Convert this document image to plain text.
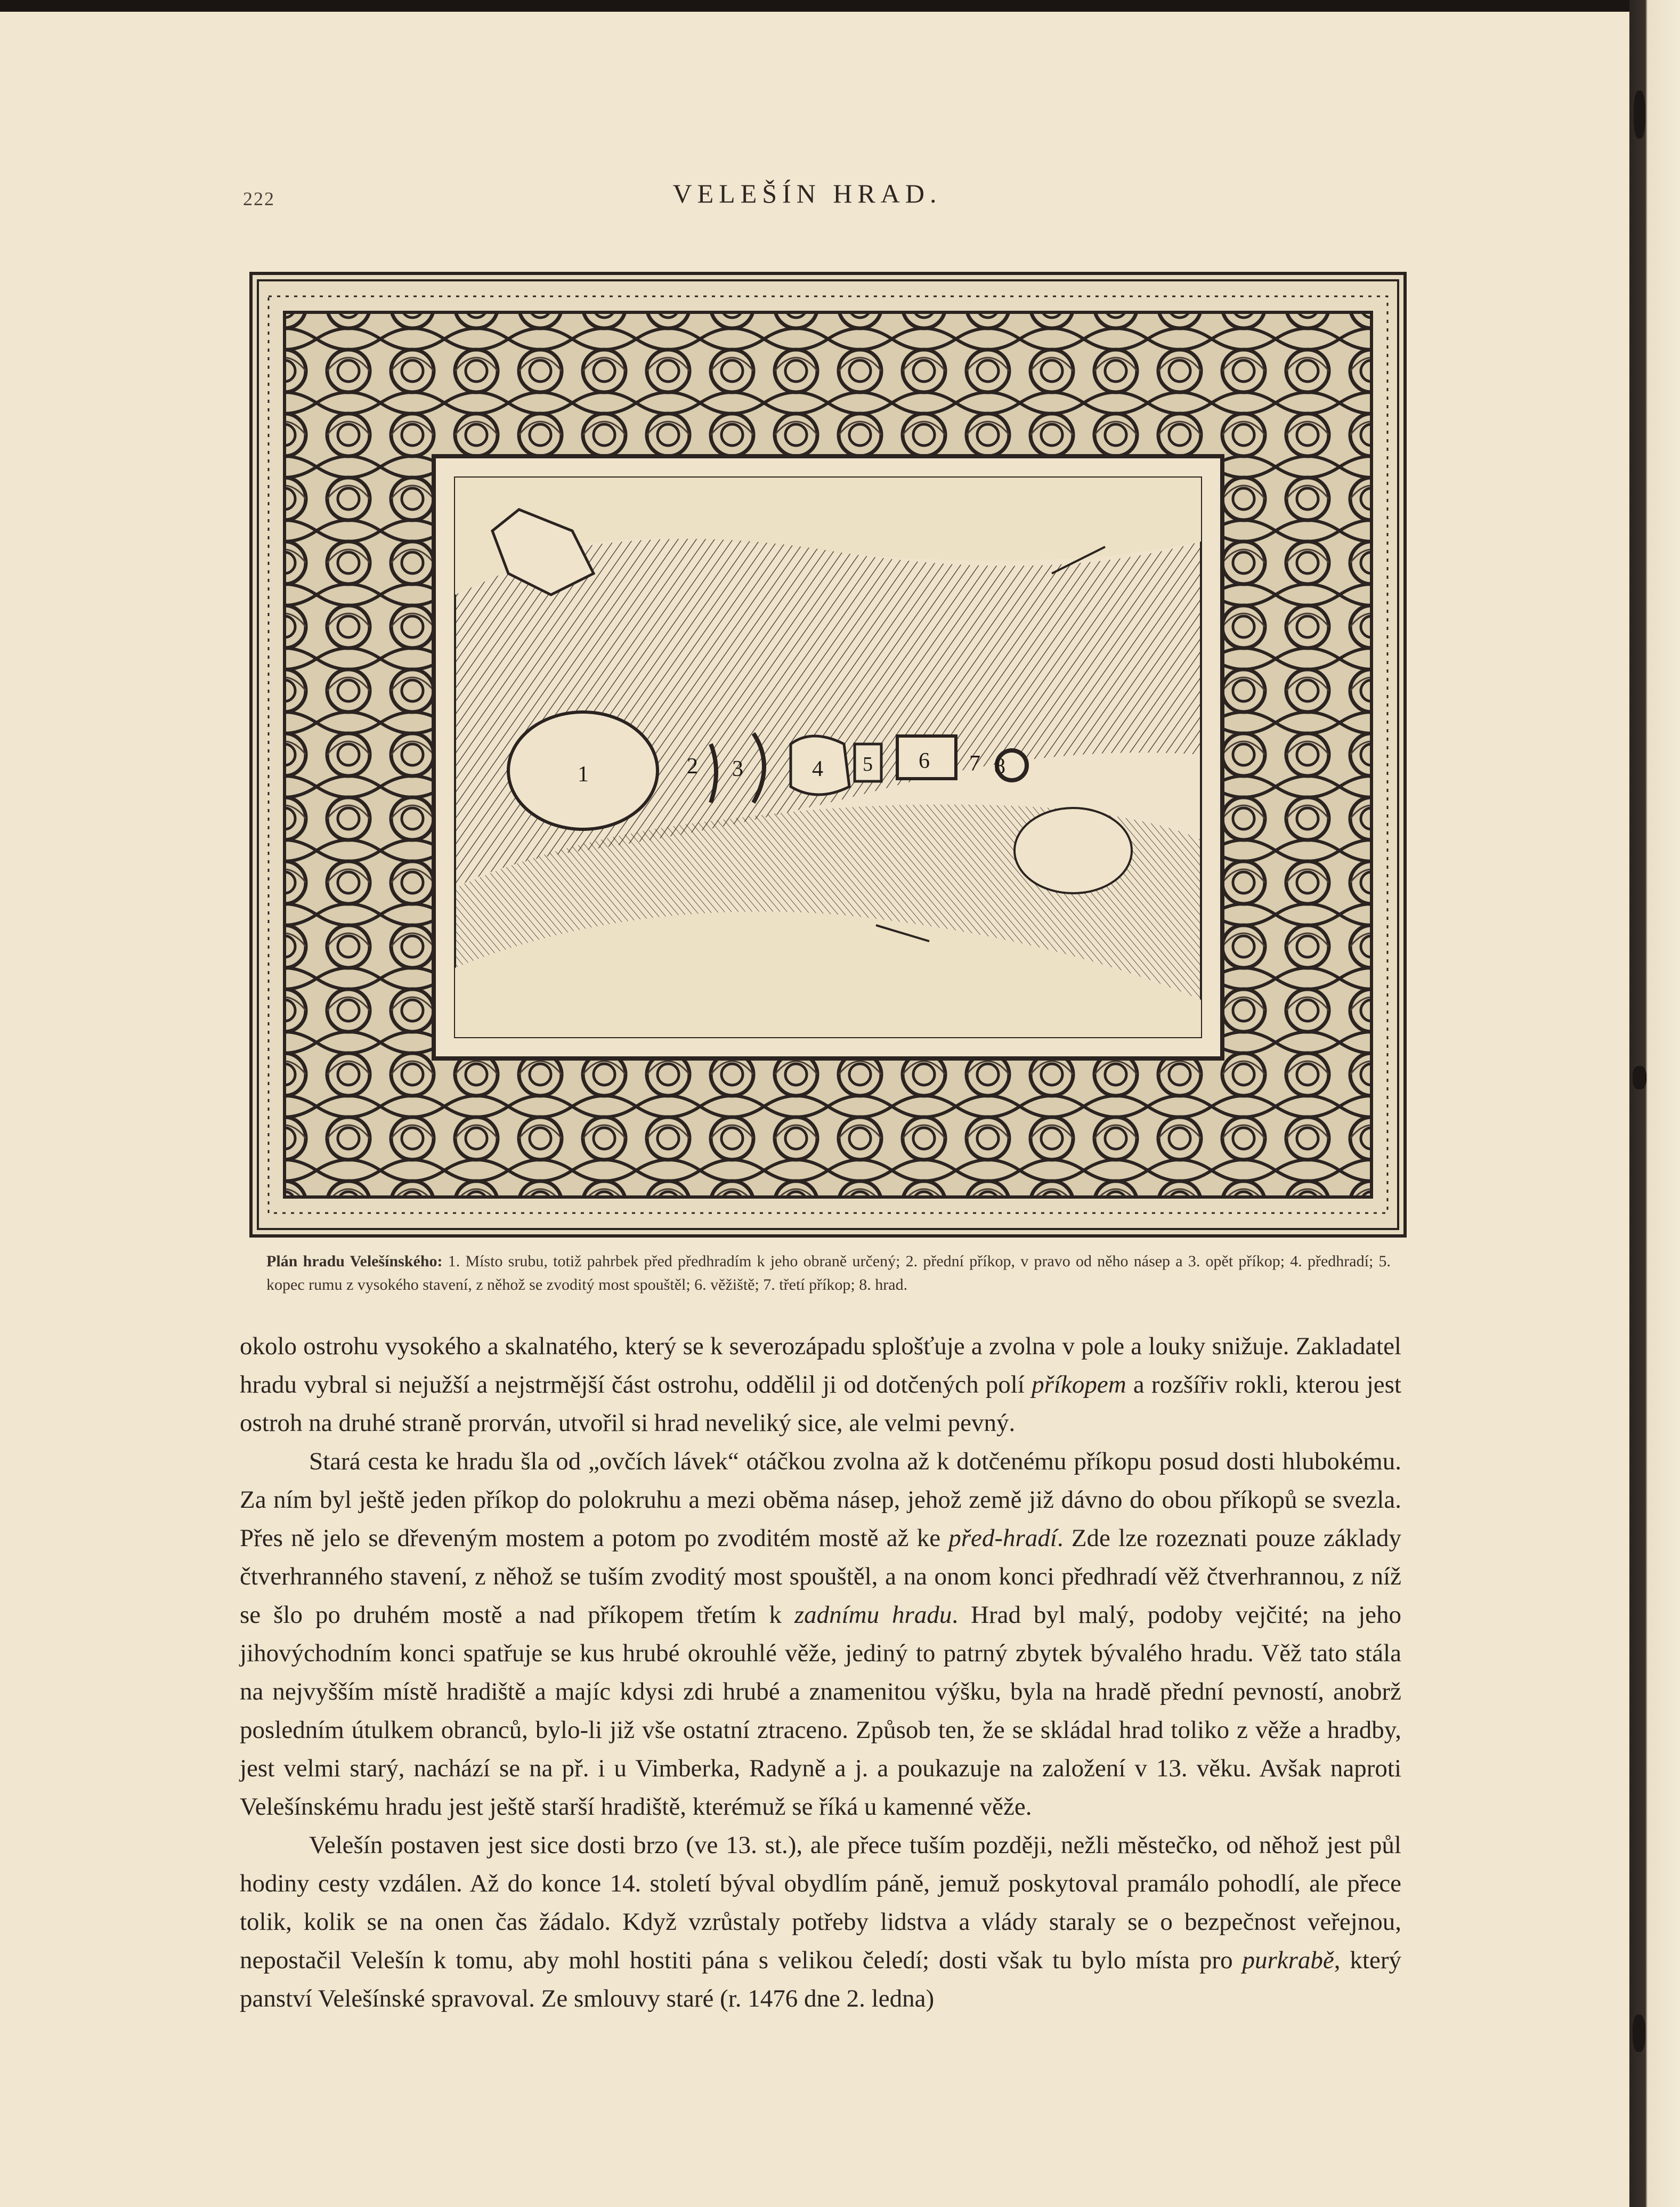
222	VELEŠÍN HRAD.
1	2 3	4 5 6 7 8
Plán hradu Velešínského: 1. Místo srubu, totiž pahrbek před předhradím k jeho obraně určený; 2. přední příkop, v pravo od něho násep a 3. opět příkop; 4. předhradí; 5. kopec rumu z vysokého stavení, z něhož se zvoditý most spouštěl; 6. věžiště; 7. třetí příkop; 8. hrad.

okolo ostrohu vysokého a skalnatého, který se k severozápadu splošťuje a zvolna v pole a louky snižuje. Zakladatel hradu vybral si nejužší a nejstrmější část ostrohu, oddělil ji od dotčených polí příkopem a rozšířiv rokli, kterou jest ostroh na druhé straně prorván, utvořil si hrad neveliký sice, ale velmi pevný.

Stará cesta ke hradu šla od „ovčích lávek“ otáčkou zvolna až k dotčenému příkopu posud dosti hlubokému. Za ním byl ještě jeden příkop do polokruhu a mezi oběma násep, jehož země již dávno do obou příkopů se svezla. Přes ně jelo se dřeveným mostem a potom po zvoditém mostě až ke před-hradí. Zde lze rozeznati pouze základy čtverhranného stavení, z něhož se tuším zvoditý most spouštěl, a na onom konci předhradí věž čtverhrannou, z níž se šlo po druhém mostě a nad příkopem třetím k zadnímu hradu. Hrad byl malý, podoby vejčité; na jeho jihovýchodním konci spatřuje se kus hrubé okrouhlé věže, jediný to patrný zbytek bývalého hradu. Věž tato stála na nejvyšším místě hradiště a majíc kdysi zdi hrubé a znamenitou výšku, byla na hradě přední pevností, anobrž posledním útulkem obranců, bylo-li již vše ostatní ztraceno. Způsob ten, že se skládal hrad toliko z věže a hradby, jest velmi starý, nachází se na př. i u Vimberka, Radyně a j. a poukazuje na založení v 13. věku. Avšak naproti Velešínskému hradu jest ještě starší hradiště, kterémuž se říká u kamenné věže.

Velešín postaven jest sice dosti brzo (ve 13. st.), ale přece tuším později, nežli městečko, od něhož jest půl hodiny cesty vzdálen. Až do konce 14. století býval obydlím páně, jemuž poskytoval pramálo pohodlí, ale přece tolik, kolik se na onen čas žádalo. Když vzrůstaly potřeby lidstva a vlády staraly se o bezpečnost veřejnou, nepostačil Velešín k tomu, aby mohl hostiti pána s velikou čeledí; dosti však tu bylo místa pro purkrabě, který panství Velešínské spravoval. Ze smlouvy staré (r. 1476 dne 2. ledna)
